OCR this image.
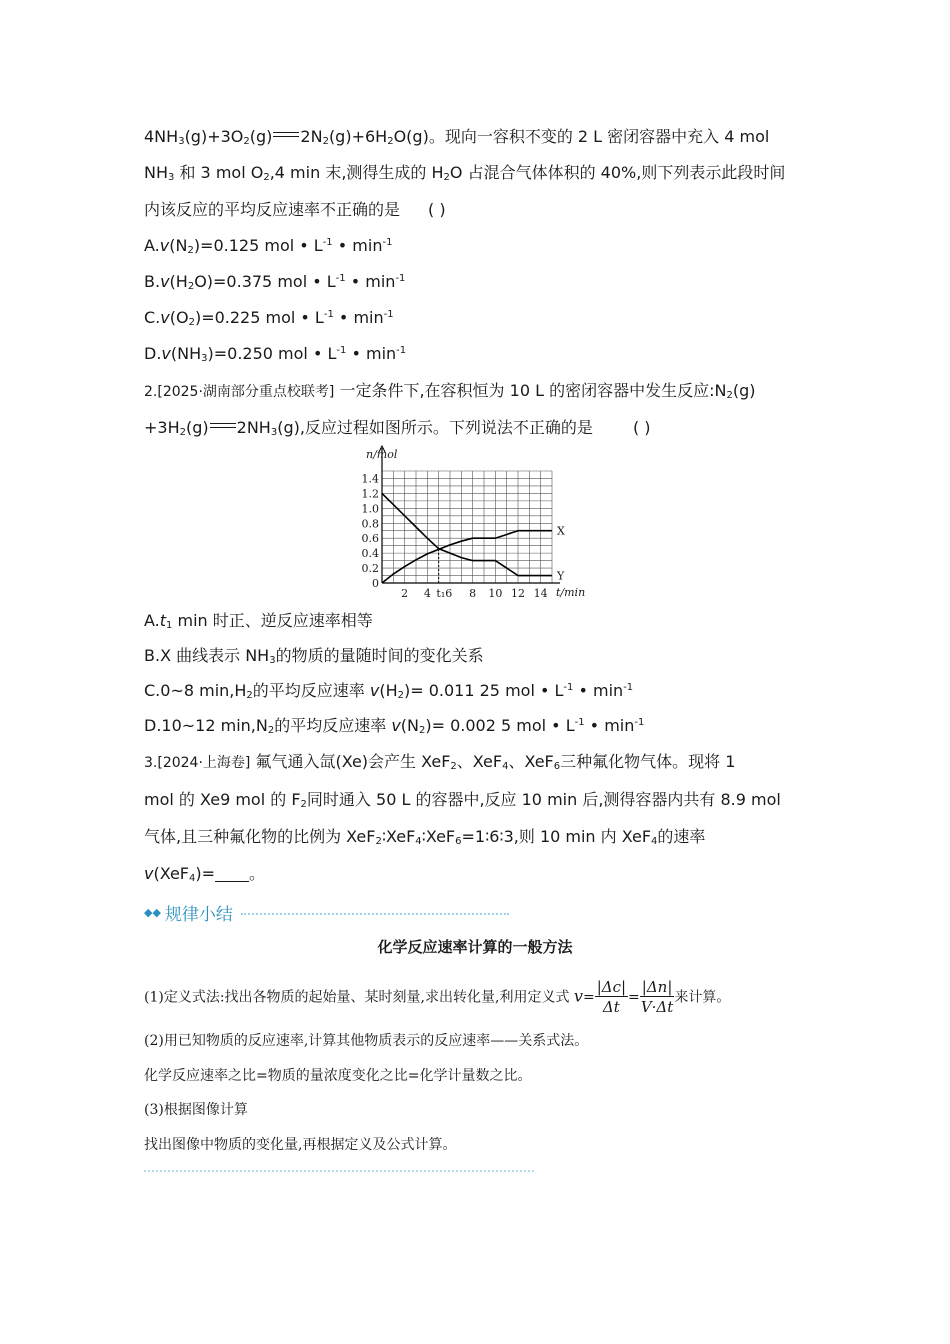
$4NH_3(g)+3O_2(g)$ $2N_2(g)+6H_2O(g)$。现向一容积不变的 2 L 密闭容器中充入 4 mol
$NH_3$ 和 3 mol $O_2,4$ min 末,测得生成的 $H_2O$ 占混合气体体积的 40%,则下列表示此段时间
内该反应的平均反应速率不正确的是 ( )
$A.v(N_2)=0.125$ mol • $L^{-1}$ • $\min^{-1}$
$B.v(H_2O)=0.375$ mol • $L^{-1}$ • $\min^{-1}$
$C.v(O_2)=0.225$ mol • $L^{-1}$ • $\min^{-1}$
$D.v(NH_3)=0.250$ mol • $L^{-1}$ • $\min^{-1}$
2.[2025·湖南部分重点校联考] 一定条件下,在容积恒为 10 L 的密闭容器中发生反应$:N_2(g)$
$+3H_2(g)$ $2NH_3(g)$,反应过程如图所示。下列说法不正确的是	( )
0
0.2
0.4
0.6
0.8
1.0
1.2
1.4
2 4 t₁6 8 10 12 14
X
Y
n/mol
t/min
$A.t_1$ min 时正、逆反应速率相等
B.X 曲线表示 $NH_3$的物质的量随时间的变化关系
C.0~8 $\min,H_2$的平均反应速率 $v(H_2)= 0.011$ 25 mol • $L^{-1}$ • $\min^{-1}$
D.10~12 $\min,N_2$的平均反应速率 $v(N_2)= 0.002$ 5 mol • $L^{-1}$ • $\min^{-1}$
3.[2024·上海卷] 氟气通入氙(Xe)会产生 XeF$_2$、XeF$_4$、XeF$_6$三种氟化物气体。现将 1
mol 的 Xe9 mol 的 $F_2$同时通入 50 L 的容器中,反应 10 min 后,测得容器内共有 8.9 mol
气体,且三种氟化物的比例为 XeF$_2$∶XeF$_4$∶XeF$_6$=1∶6∶3,则 10 min 内 XeF$_4$的速率
v(XeF$_4$)= 。
◆◆ 规律小结
化学反应速率计算的一般方法
(1)定义式法:找出各物质的起始量、某时刻量,求出转化量,利用定义式 $v= \frac{|\Delta c|}{\Delta t} = \frac{|\Delta n|}{V\cdot\Delta t}$ 来计算。
(2)用已知物质的反应速率,计算其他物质表示的反应速率——关系式法。
化学反应速率之比=物质的量浓度变化之比=化学计量数之比。
(3)根据图像计算
找出图像中物质的变化量,再根据定义及公式计算。
